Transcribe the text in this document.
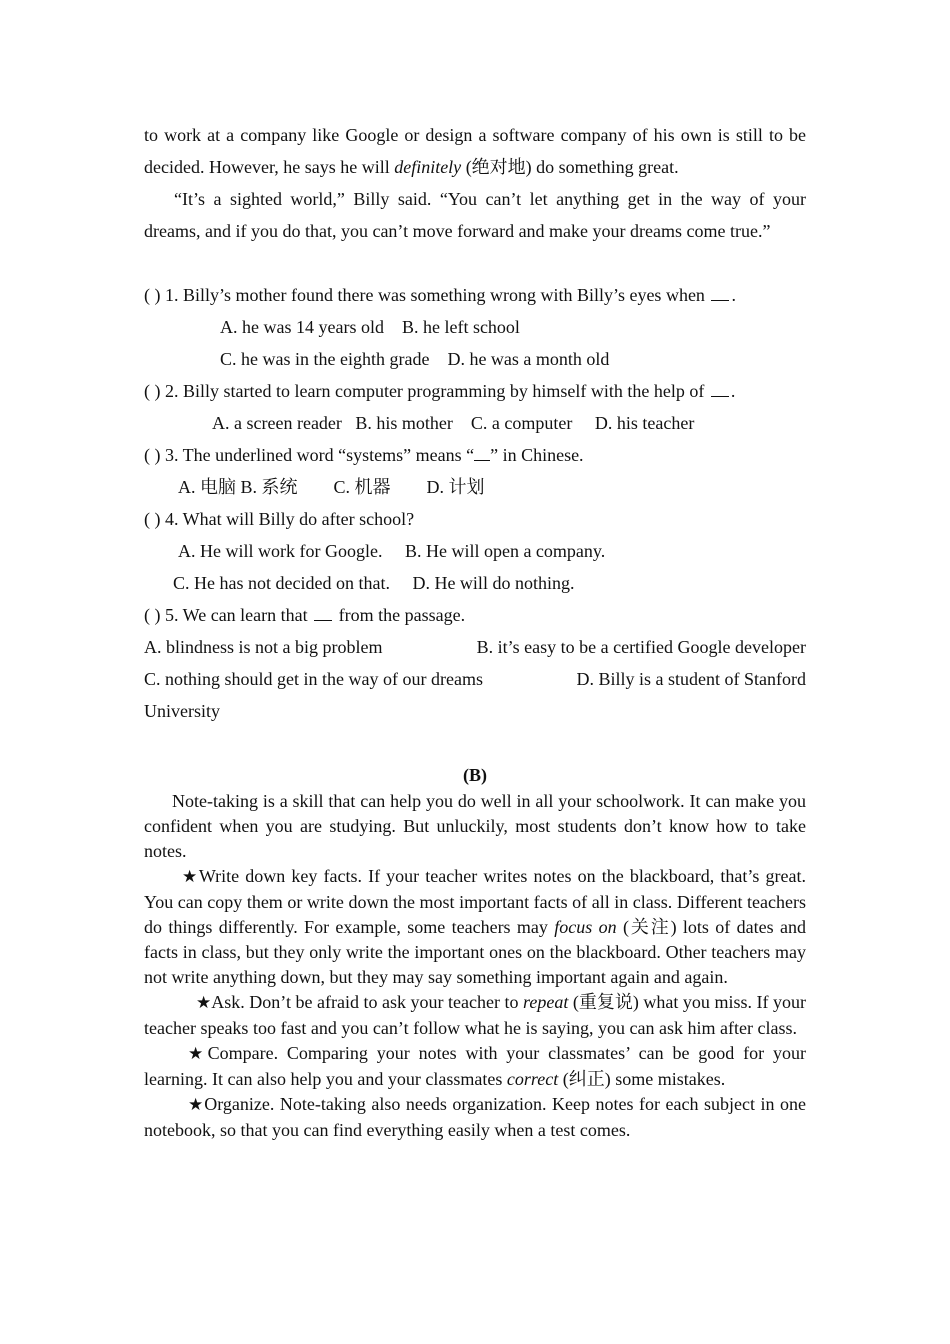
to work at a company like Google or design a software company of his own is still to be decided. However, he says he will definitely (绝对地) do something great.

“It’s a sighted world,” Billy said. “You can’t let anything get in the way of your dreams, and if you do that, you can’t move forward and make your dreams come true.”

( ) 1. Billy’s mother found there was something wrong with Billy’s eyes when .

A. he was 14 years old    B. he left school

C. he was in the eighth grade    D. he was a month old

( ) 2. Billy started to learn computer programming by himself with the help of .

A. a screen reader   B. his mother    C. a computer     D. his teacher

( ) 3. The underlined word “systems” means “ ” in Chinese.

A. 电脑 B. 系统        C. 机器        D. 计划

( ) 4. What will Billy do after school?

A. He will work for Google.     B. He will open a company.

C. He has not decided on that.     D. He will do nothing.

( ) 5. We can learn that  from the passage.

A. blindness is not a big problem	B. it’s easy to be a certified Google developer
C. nothing should get in the way of our dreams	D. Billy is a student of Stanford

University

(B)

Note-taking is a skill that can help you do well in all your schoolwork. It can make you confident when you are studying. But unluckily, most students don’t know how to take notes.

★Write down key facts. If your teacher writes notes on the blackboard, that’s great. You can copy them or write down the most important facts of all in class. Different teachers do things differently. For example, some teachers may focus on (关注) lots of dates and facts in class, but they only write the important ones on the blackboard. Other teachers may not write anything down, but they may say something important again and again.

★Ask. Don’t be afraid to ask your teacher to repeat (重复说) what you miss. If your teacher speaks too fast and you can’t follow what he is saying, you can ask him after class.

★Compare. Comparing your notes with your classmates’ can be good for your learning. It can also help you and your classmates correct (纠正) some mistakes.

★Organize. Note-taking also needs organization. Keep notes for each subject in one notebook, so that you can find everything easily when a test comes.
